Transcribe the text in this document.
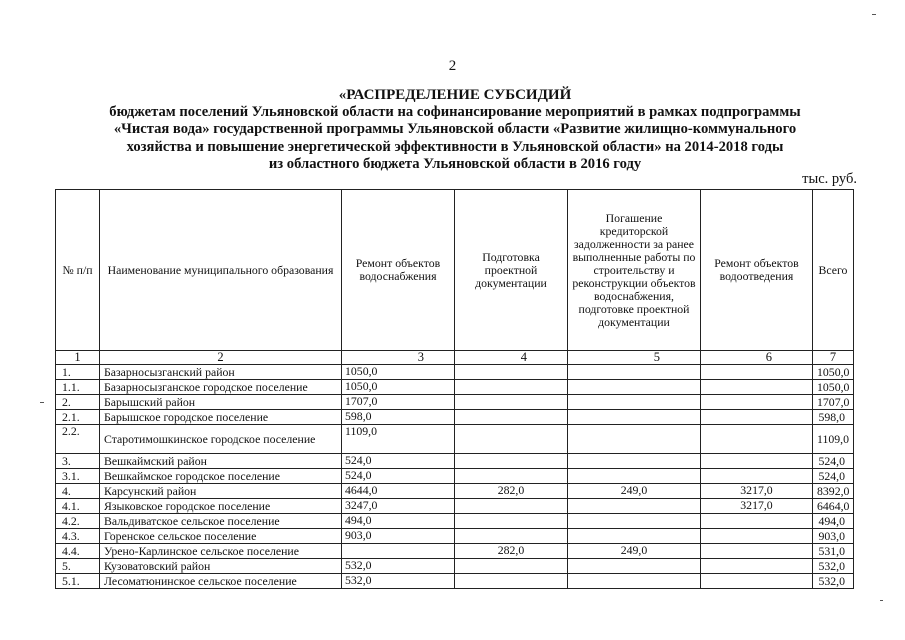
2
«РАСПРЕДЕЛЕНИЕ СУБСИДИЙ
бюджетам поселений Ульяновской области на софинансирование мероприятий в рамках подпрограммы
«Чистая вода» государственной программы Ульяновской области «Развитие жилищно-коммунального
хозяйства и повышение энергетической эффективности в Ульяновской области» на 2014-2018 годы
из областного бюджета Ульяновской области в 2016 году
тыс. руб.
№ п/п	Наименование муниципального образования	Ремонт объектов водоснабжения	Подготовка проектной документации	Погашение кредиторской задолженности за ранее выполненные работы по строительству и реконструкции объектов водоснабжения, подготовке проектной документации	Ремонт объектов водоотведения	Всего
1	2	3	4	5	6	7
1.	Базарносызганский район	1050,0				1050,0
1.1.	Базарносызганское городское поселение	1050,0				1050,0
2.	Барышский район	1707,0				1707,0
2.1.	Барышское городское поселение	598,0				598,0
2.2.	Старотимошкинское городское поселение	1109,0				1109,0
3.	Вешкаймский район	524,0				524,0
3.1.	Вешкаймское городское поселение	524,0				524,0
4.	Карсунский район	4644,0	282,0	249,0	3217,0	8392,0
4.1.	Языковское городское поселение	3247,0			3217,0	6464,0
4.2.	Вальдиватское сельское поселение	494,0				494,0
4.3.	Горенское сельское поселение	903,0				903,0
4.4.	Урено-Карлинское сельское поселение		282,0	249,0		531,0
5.	Кузоватовский район	532,0				532,0
5.1.	Лесоматюнинское сельское поселение	532,0				532,0
